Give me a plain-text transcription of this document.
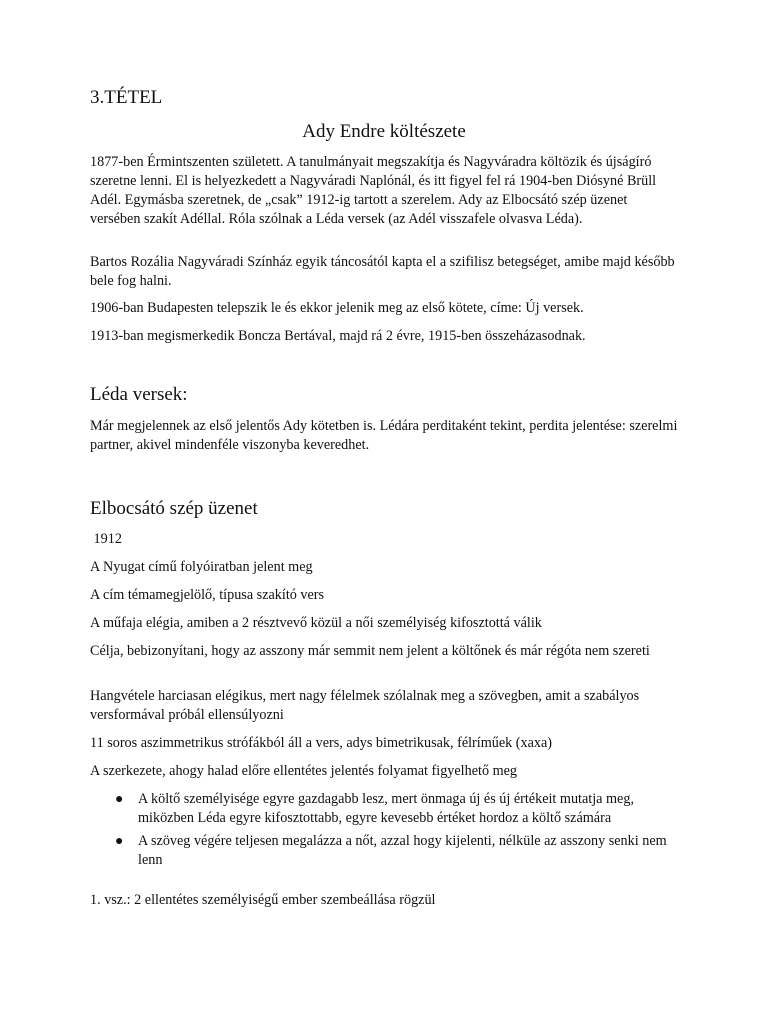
3.TÉTEL
Ady Endre költészete

1877-ben Érmintszenten született. A tanulmányait megszakítja és Nagyváradra költözik és újságíró szeretne lenni. El is helyezkedett a Nagyváradi Naplónál, és itt figyel fel rá 1904-ben Diósyné Brüll Adél. Egymásba szeretnek, de „csak” 1912-ig tartott a szerelem. Ady az Elbocsátó szép üzenet versében szakít Adéllal. Róla szólnak a Léda versek (az Adél visszafele olvasva Léda).

Bartos Rozália Nagyváradi Színház egyik táncosától kapta el a szifilisz betegséget, amibe majd később bele fog halni.

1906-ban Budapesten telepszik le és ekkor jelenik meg az első kötete, címe: Új versek.

1913-ban megismerkedik Boncza Bertával, majd rá 2 évre, 1915-ben összeházasodnak.

Léda versek:

Már megjelennek az első jelentős Ady kötetben is. Lédára perditaként tekint, perdita jelentése: szerelmi partner, akivel mindenféle viszonyba keveredhet.

Elbocsátó szép üzenet

1912

A Nyugat című folyóiratban jelent meg

A cím témamegjelölő, típusa szakító vers

A műfaja elégia, amiben a 2 résztvevő közül a női személyiség kifosztottá válik

Célja, bebizonyítani, hogy az asszony már semmit nem jelent a költőnek és már régóta nem szereti

Hangvétele harciasan elégikus, mert nagy félelmek szólalnak meg a szövegben, amit a szabályos versformával próbál ellensúlyozni

11 soros aszimmetrikus strófákból áll a vers, adys bimetrikusak, félríműek (xaxa)

A szerkezete, ahogy halad előre ellentétes jelentés folyamat figyelhető meg

● A költő személyisége egyre gazdagabb lesz, mert önmaga új és új értékeit mutatja meg, miközben Léda egyre kifosztottabb, egyre kevesebb értéket hordoz a költő számára
● A szöveg végére teljesen megalázza a nőt, azzal hogy kijelenti, nélküle az asszony senki nem lenn

1. vsz.: 2 ellentétes személyiségű ember szembeállása rögzül
